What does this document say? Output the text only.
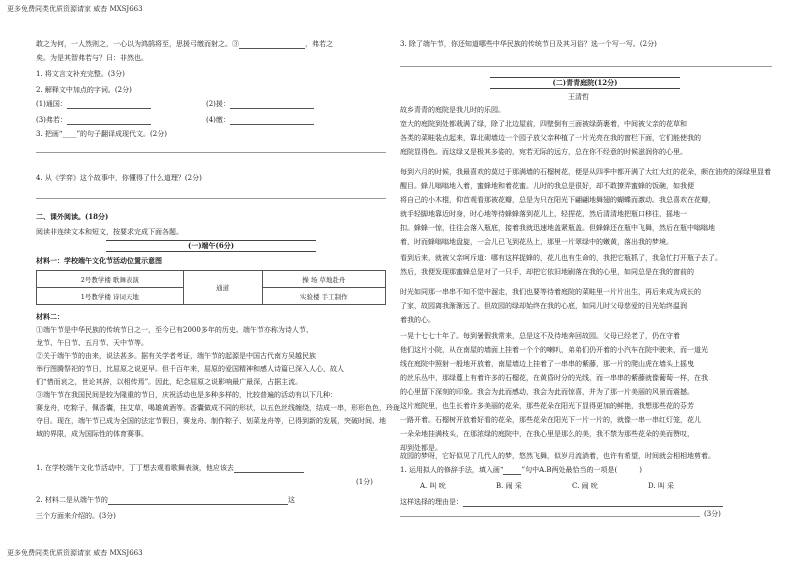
更多免费同类优质资源请家 威杳 MXSJ663
敢之为何，一人然则之，一心以为鸿鹄将至，思援弓缴而射之。③	，弗若之
矣。为是其智弗若与？曰：非然也。
1. 将文言文补充完整。(3分)
2. 解释文中加点的字词。(2分)
(1)通国：	(2)援：
(3)弗若：	(4)缴：
3. 把画“____”的句子翻译成现代文。(2分)
4. 从《学弈》这个故事中，你懂得了什么道理？(2分)
二、课外阅读。(18分)
阅读非连续文本和短文，按要求完成下面各题。
(一)端午(6分)
材料一：学校端午文化节活动位置示意图
2号教学楼 歌舞表演	通道	操 场 草地赴舟
1号教学楼 诗词天地		实验楼 手工制作
材料二：
①端午节是中华民族的传统节日之一，至今已有2000多年的历史。端午节亦称为诗人节、
龙节、午日节、五月节、天中节等。
②关于端午节的由来，说法甚多。据有关学者考证，端午节的起源是中国古代南方吴越民族
举行图腾祭祀的节日，比屈原之说更早。但千百年来，屈原的爱国精神和感人诗篇已深入人心，故人
们“惜而哀之，世论其辞，以相传焉”。因此，纪念屈原之说影响最广最深，占据主流。
③端午节在我国民间是较为隆重的节日，庆祝活动也是多种多样的，比较普遍的活动有以下几种：
赛龙舟，吃粽子，佩香囊，挂艾草，喝雄黄酒等。香囊做成不同的形状，以五色丝线缠绕，结成一串，形形色色，玲珑
夺目。现在，端午节已成为全国的法定节假日，赛龙舟、制作粽子、划菜龙舟等，已得到新的发展，突破时间、地
域的界限，成为国际性的体育赛事。
1. 在学校端午文化节活动中，丁丁想去观看歌舞表演，他应该去
(1分)
2. 材料二是从端午节的	这
三个方面来介绍的。(3分)
3. 除了端午节，你还知道哪些中华民族的传统节日及其习俗？选一个写一写。(2分)
(二)青青庭院(12分)
王清哲
故乡青青的庭院是我儿时的乐园。
宽大的庭院到处都栽满了绿，除了北边屋前，四壁倒有三面被绿荫裹着，中间被父亲的花草和
各类的菜畦装点起来，靠北砌墙边一个园子放父亲种植了一片光亮在我的窗栏下面，它们能使我的
庭院显得色。而这绿又是极其多姿的，宛若无际的远方，总在你不经意的时候滋润你的心里。
每到六月的时候，我最喜欢的莫过于那满墙的石榴树花，便是从四季中都开满了大红大红的花朵，颇在油亮的深绿里显着
醒目。蜂儿嗡嗡地入着，蜜蜂地和着花蜜。儿时的我总是很好，却不敢撩弄蜜蜂的饭碗，如我便
将自己的小木棍，仰首观看那被花瓣，总是为只在阳光下翩翩地舞翅的蝴蝶而激动。我总喜欢在花瓣，
就手轻脚地靠近时身，时心地等待蜂蜂落到花儿上，轻捏花，然后清清地把瓶口移往，摇地一
扣。蜂蜂一惊，往往会落入瓶底，接着我就迅速地盖紧瓶盖。但蜂蜂还在瓶中飞舞，然后在瓶中嗡嗡地
着，时而蜂嗡嗡地盘旋，一会儿已飞到花丛上，那里一片翠绿中的嫩黄，落出我的梦境。
看到后来，就被父亲呵斥道：哪有这样捉蜂的，花儿也有生命的，我把它瓶抓了，我急忙打开瓶子去了。
然后，我便发现那蜜蜂总是对了一只手，却把它依旧地刷落在我的心里，如同总是在我的窗前的
时光如同那一串串不知不觉中溜走，我们也要等待着庭院的菜畦里一片片出生，再后来成为成长的
了家，故园离我渐渐远了。但故园的绿却始终在我的心底，如同儿时父母慈爱的目光始终温润
着我的心。
一晃十七七十年了。每到暑假我常来，总是这不及待地奔回故园。父母已经老了，仍在守着
他们这片小院，从在南屋的墙面上挂着一个个的喇叭，弟弟们仍开着的小汽车在院中驶来，而一道光
线在庭院中照射一般地开放着，南屋墙边上挂着了一串串的紫藤，那一片的爬山虎在墙头上摇曳
的丝乐丛中，那绿蔓上有着许多的石榴花，在黄昏时分的光线，而一串串的紫藤就像葡萄一样，在我
的心里留下深刻的印象。我会为此而感动，我会为此而惊喜，并为了那一片美丽的风景而震撼。
这片庭院里，也生长着许多美丽的花朵，那些花朵在阳光下显得更加的鲜艳，我想那些花的芬芳
一路开着。石榴树开放着好看的花朵，那些花朵在阳光下一片一片的，就像一串一串红灯笼，花儿
一朵朵地挂满枝头，在那浓绿的庭院中，在我心里是那么的美，我不禁为那些花朵的美而赞叹，
却到处都是。
故园的梦呀，它好似见了几代人的梦，悠然飞舞，似岁月流淌着，也许有希望，时间就会相相地剪着。
1. 运用拟人的修辞手法，填入画“	”句中A.B两处最恰当的一项是(	)
A. 叫 吮	B. 闹 采	C. 闹 吮	D. 叫 采
这样选择的理由是：
(3分)
更多免费同类优质资源请家 威杳 MXSJ663
